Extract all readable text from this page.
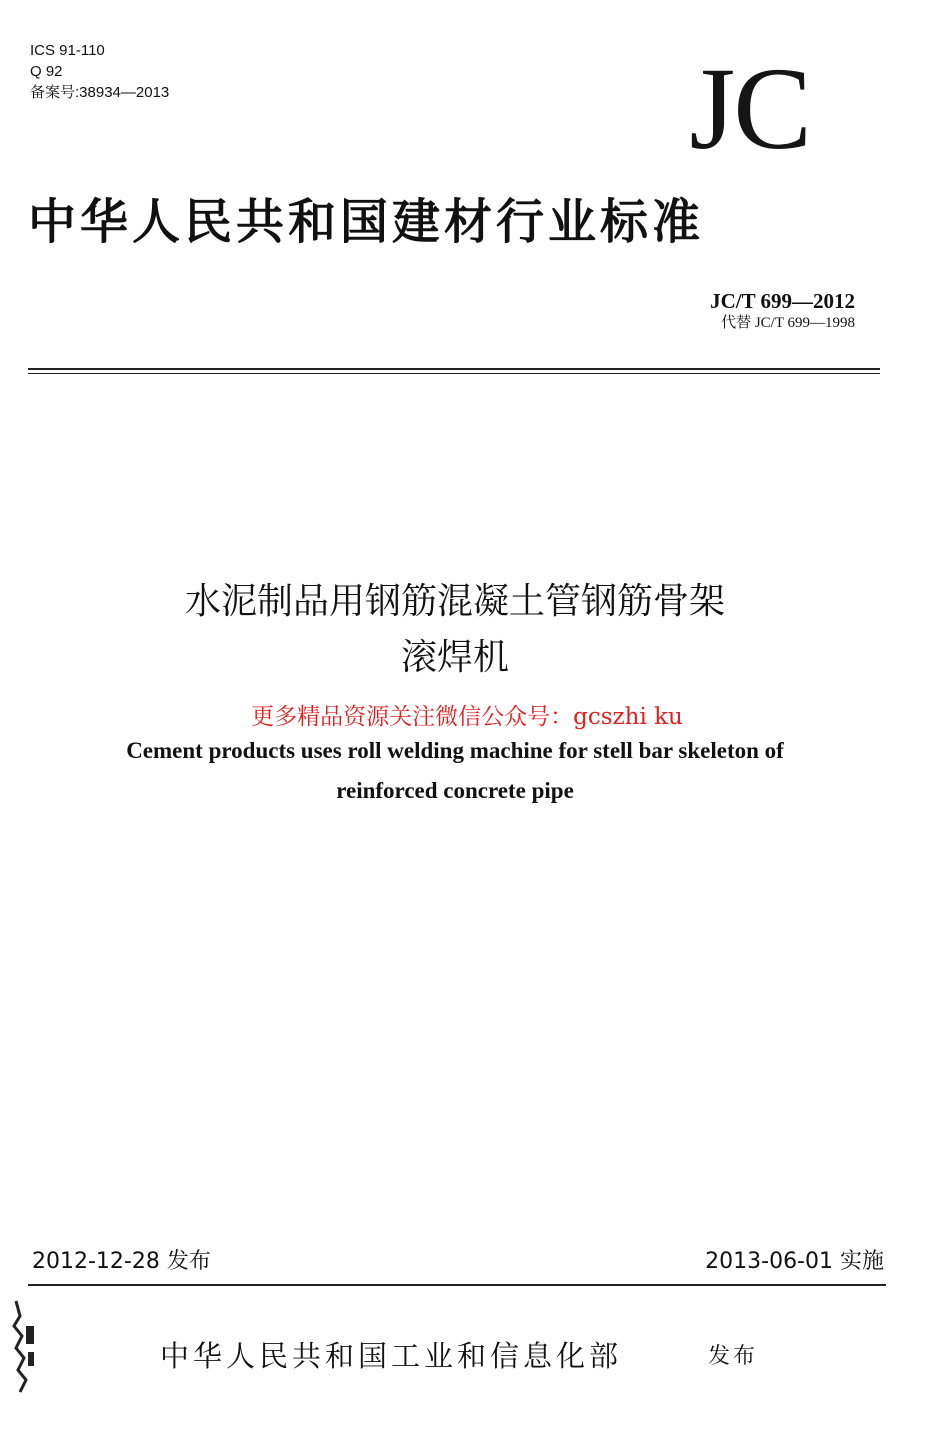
ICS 91-110
Q 92
备案号:38934—2013	JC
中华人民共和国建材行业标准
JC/T 699—2012
代替 JC/T 699—1998
水泥制品用钢筋混凝土管钢筋骨架
滚焊机
更多精品资源关注微信公众号：gcszhi ku
Cement products uses roll welding machine for stell bar skeleton of
reinforced concrete pipe
2012-12-28 发布	2013-06-01 实施
中华人民共和国工业和信息化部	发布
